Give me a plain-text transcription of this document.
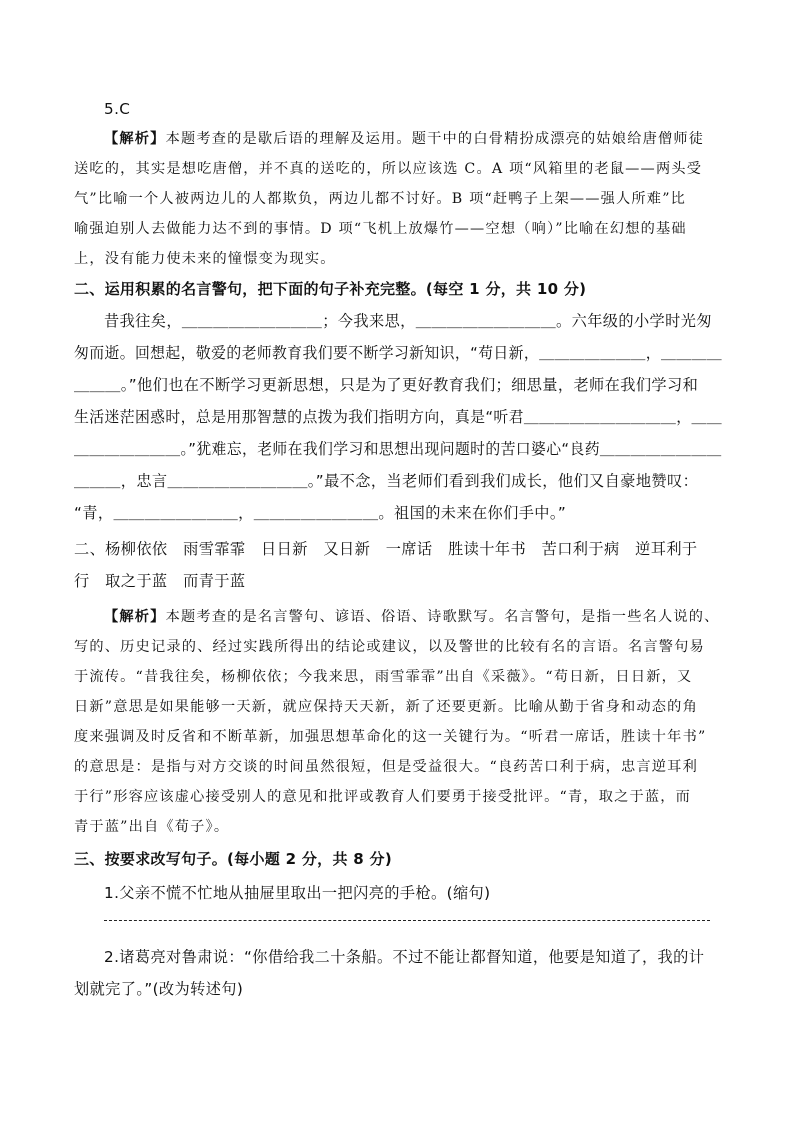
5.C
【解析】本题考查的是歇后语的理解及运用。题干中的白骨精扮成漂亮的姑娘给唐僧师徒
送吃的，其实是想吃唐僧，并不真的送吃的，所以应该选 C。A 项“风箱里的老鼠——两头受
气”比喻一个人被两边儿的人都欺负，两边儿都不讨好。B 项“赶鸭子上架——强人所难”比
喻强迫别人去做能力达不到的事情。D 项“飞机上放爆竹——空想（响）”比喻在幻想的基础
上，没有能力使未来的憧憬变为现实。
二、运用积累的名言警句，把下面的句子补充完整。(每空 1 分，共 10 分)
昔我往矣，＿＿＿＿＿＿＿＿＿；今我来思，＿＿＿＿＿＿＿＿＿。六年级的小学时光匆
匆而逝。回想起，敬爱的老师教育我们要不断学习新知识，“苟日新，＿＿＿＿＿＿＿，＿＿＿＿
＿＿＿。”他们也在不断学习更新思想，只是为了更好教育我们；细思量，老师在我们学习和
生活迷茫困惑时，总是用那智慧的点拨为我们指明方向，真是“听君＿＿＿＿＿＿＿＿＿＿，＿＿
＿＿＿＿＿＿＿。”犹难忘，老师在我们学习和思想出现问题时的苦口婆心“良药＿＿＿＿＿＿＿＿
＿＿＿，忠言＿＿＿＿＿＿＿＿＿。”最不念，当老师们看到我们成长，他们又自豪地赞叹：
“青，＿＿＿＿＿＿＿＿，＿＿＿＿＿＿＿＿。祖国的未来在你们手中。”
二、杨柳依依　雨雪霏霏　日日新　又日新　一席话　胜读十年书　苦口利于病　逆耳利于
行　取之于蓝　而青于蓝
【解析】本题考查的是名言警句、谚语、俗语、诗歌默写。名言警句，是指一些名人说的、
写的、历史记录的、经过实践所得出的结论或建议，以及警世的比较有名的言语。名言警句易
于流传。“昔我往矣，杨柳依依；今我来思，雨雪霏霏”出自《采薇》。“苟日新，日日新，又
日新”意思是如果能够一天新，就应保持天天新，新了还要更新。比喻从勤于省身和动态的角
度来强调及时反省和不断革新，加强思想革命化的这一关键行为。“听君一席话，胜读十年书”
的意思是：是指与对方交谈的时间虽然很短，但是受益很大。“良药苦口利于病，忠言逆耳利
于行”形容应该虚心接受别人的意见和批评或教育人们要勇于接受批评。“青，取之于蓝，而
青于蓝”出自《荀子》。
三、按要求改写句子。(每小题 2 分，共 8 分)
1.父亲不慌不忙地从抽屉里取出一把闪亮的手枪。(缩句)
2.诸葛亮对鲁肃说：“你借给我二十条船。不过不能让都督知道，他要是知道了，我的计
划就完了。”(改为转述句)
